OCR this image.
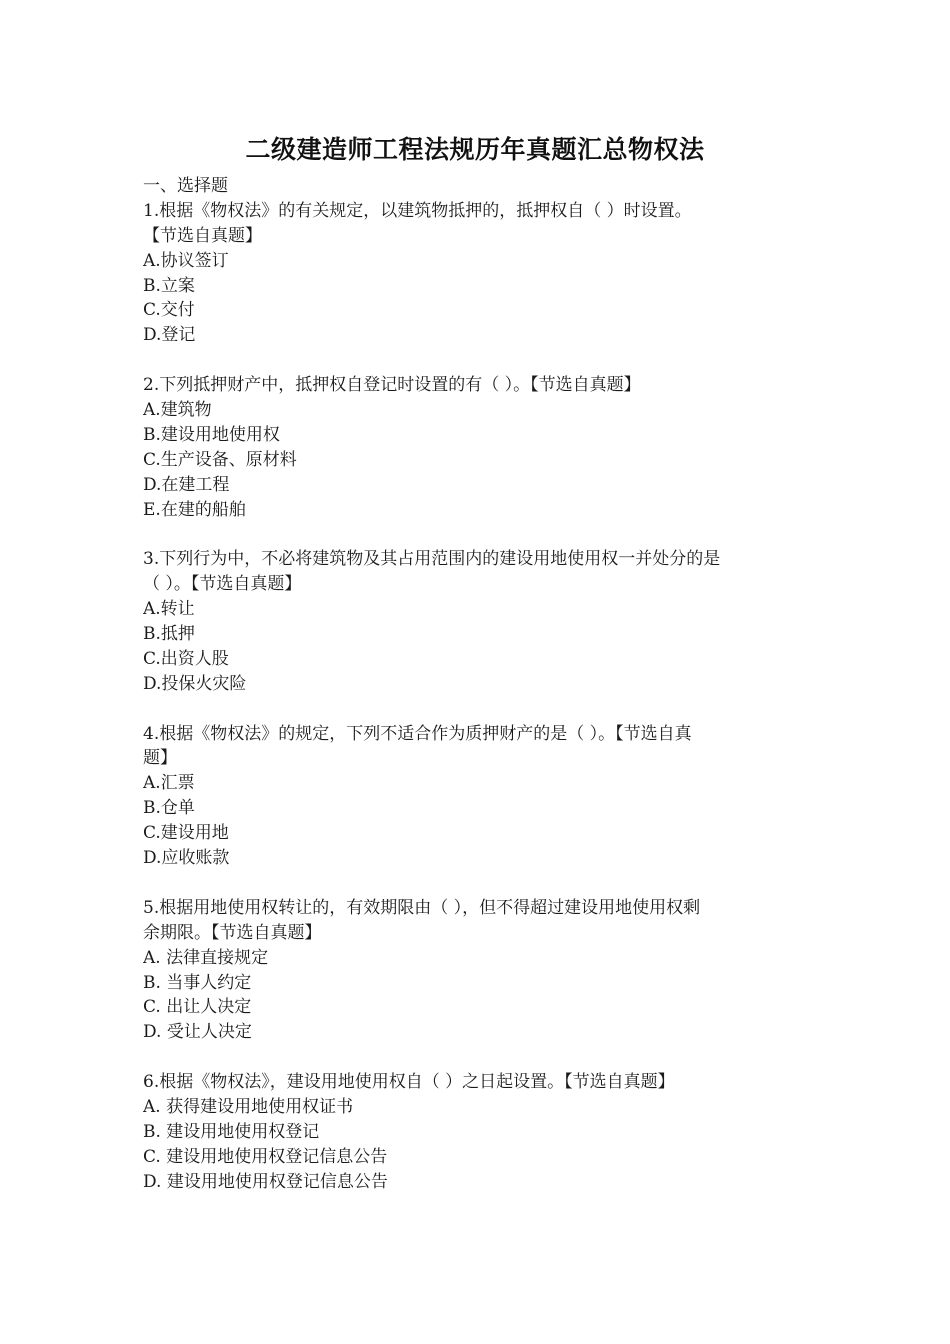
二级建造师工程法规历年真题汇总物权法
一、选择题
1.根据《物权法》的有关规定，以建筑物抵押的，抵押权自（ ）时设置。
【节选自真题】
A.协议签订
B.立案
C.交付
D.登记
2.下列抵押财产中，抵押权自登记时设置的有（ ）。【节选自真题】
A.建筑物
B.建设用地使用权
C.生产设备、原材料
D.在建工程
E.在建的船舶
3.下列行为中，不必将建筑物及其占用范围内的建设用地使用权一并处分的是
（ ）。【节选自真题】
A.转让
B.抵押
C.出资人股
D.投保火灾险
4.根据《物权法》的规定，下列不适合作为质押财产的是（ ）。【节选自真
题】
A.汇票
B.仓单
C.建设用地
D.应收账款
5.根据用地使用权转让的，有效期限由（ ），但不得超过建设用地使用权剩
余期限。【节选自真题】
A. 法律直接规定
B. 当事人约定
C. 出让人决定
D. 受让人决定
6.根据《物权法》，建设用地使用权自（ ）之日起设置。【节选自真题】
A. 获得建设用地使用权证书
B. 建设用地使用权登记
C. 建设用地使用权登记信息公告
D. 建设用地使用权登记信息公告
